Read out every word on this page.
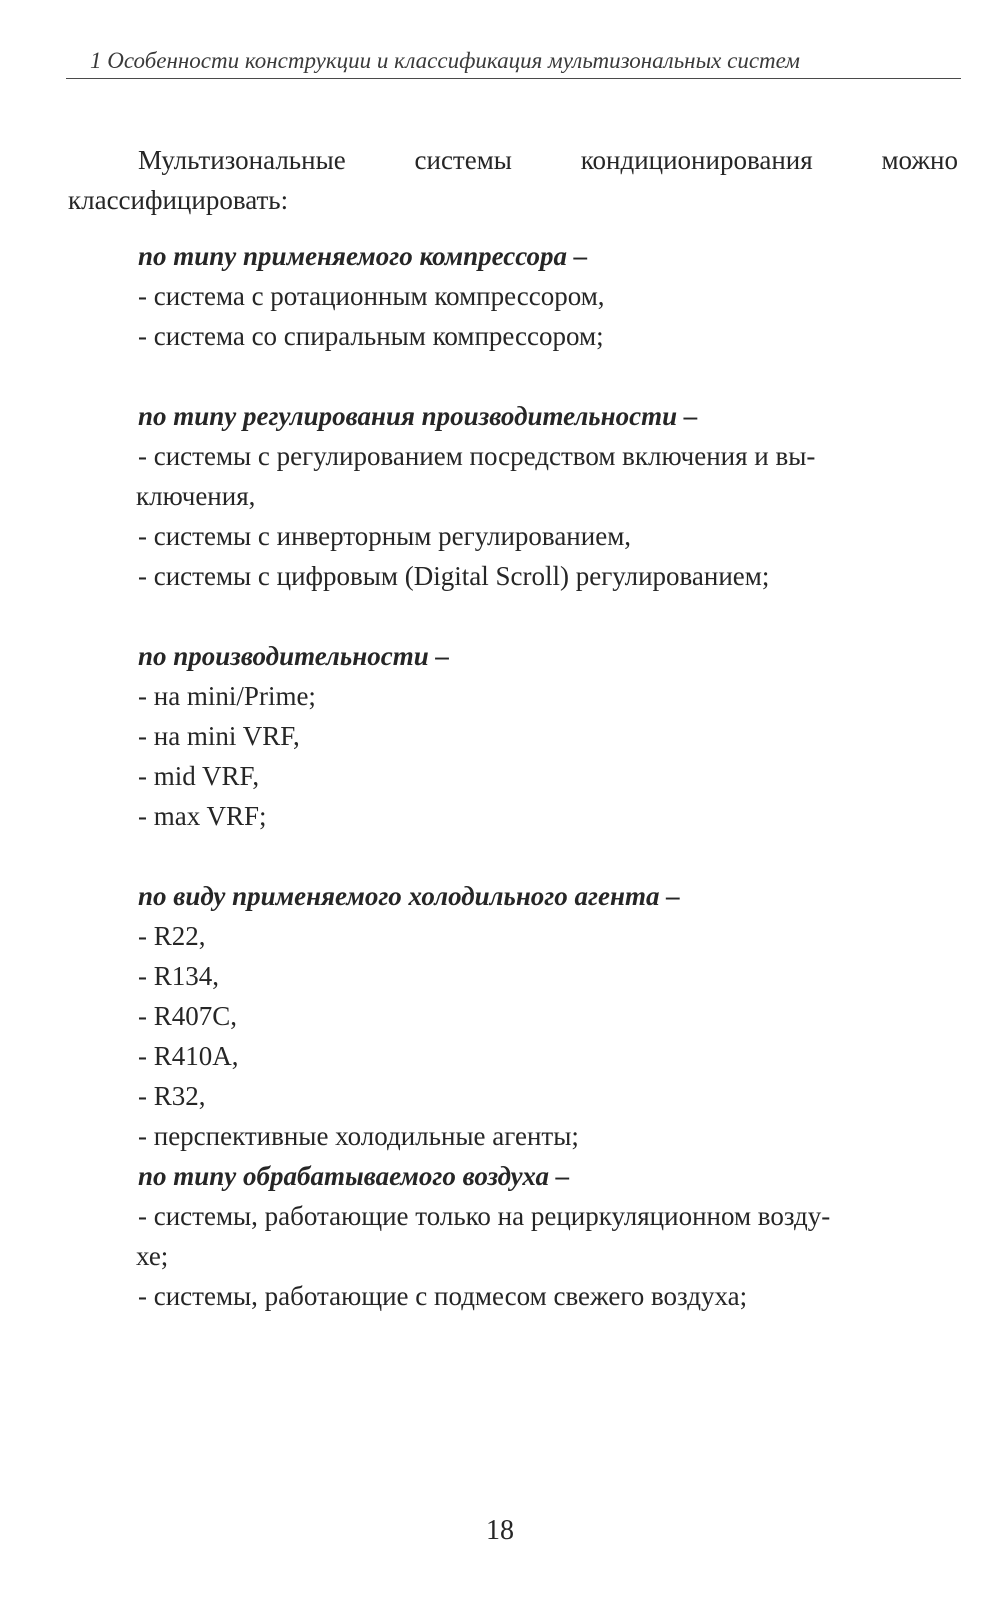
1 Особенности конструкции и классификация мультизональных систем
Мультизональные	системы	кондиционирования	можно
классифицировать:

по типу применяемого компрессора –

- система с ротационным компрессором,

- система со спиральным компрессором;

по типу регулирования производительности –

- системы с регулированием посредством включения и вы-

ключения,

- системы с инверторным регулированием,

- системы с цифровым (Digital Scroll) регулированием;

по производительности –

- на mini/Prime;

- на mini VRF,

- mid VRF,

- max VRF;

по виду применяемого холодильного агента –

- R22,

- R134,

- R407C,

- R410A,

- R32,

- перспективные холодильные агенты;

по типу обрабатываемого воздуха –

- системы, работающие только на рециркуляционном возду-

хе;

- системы, работающие с подмесом свежего воздуха;

18
